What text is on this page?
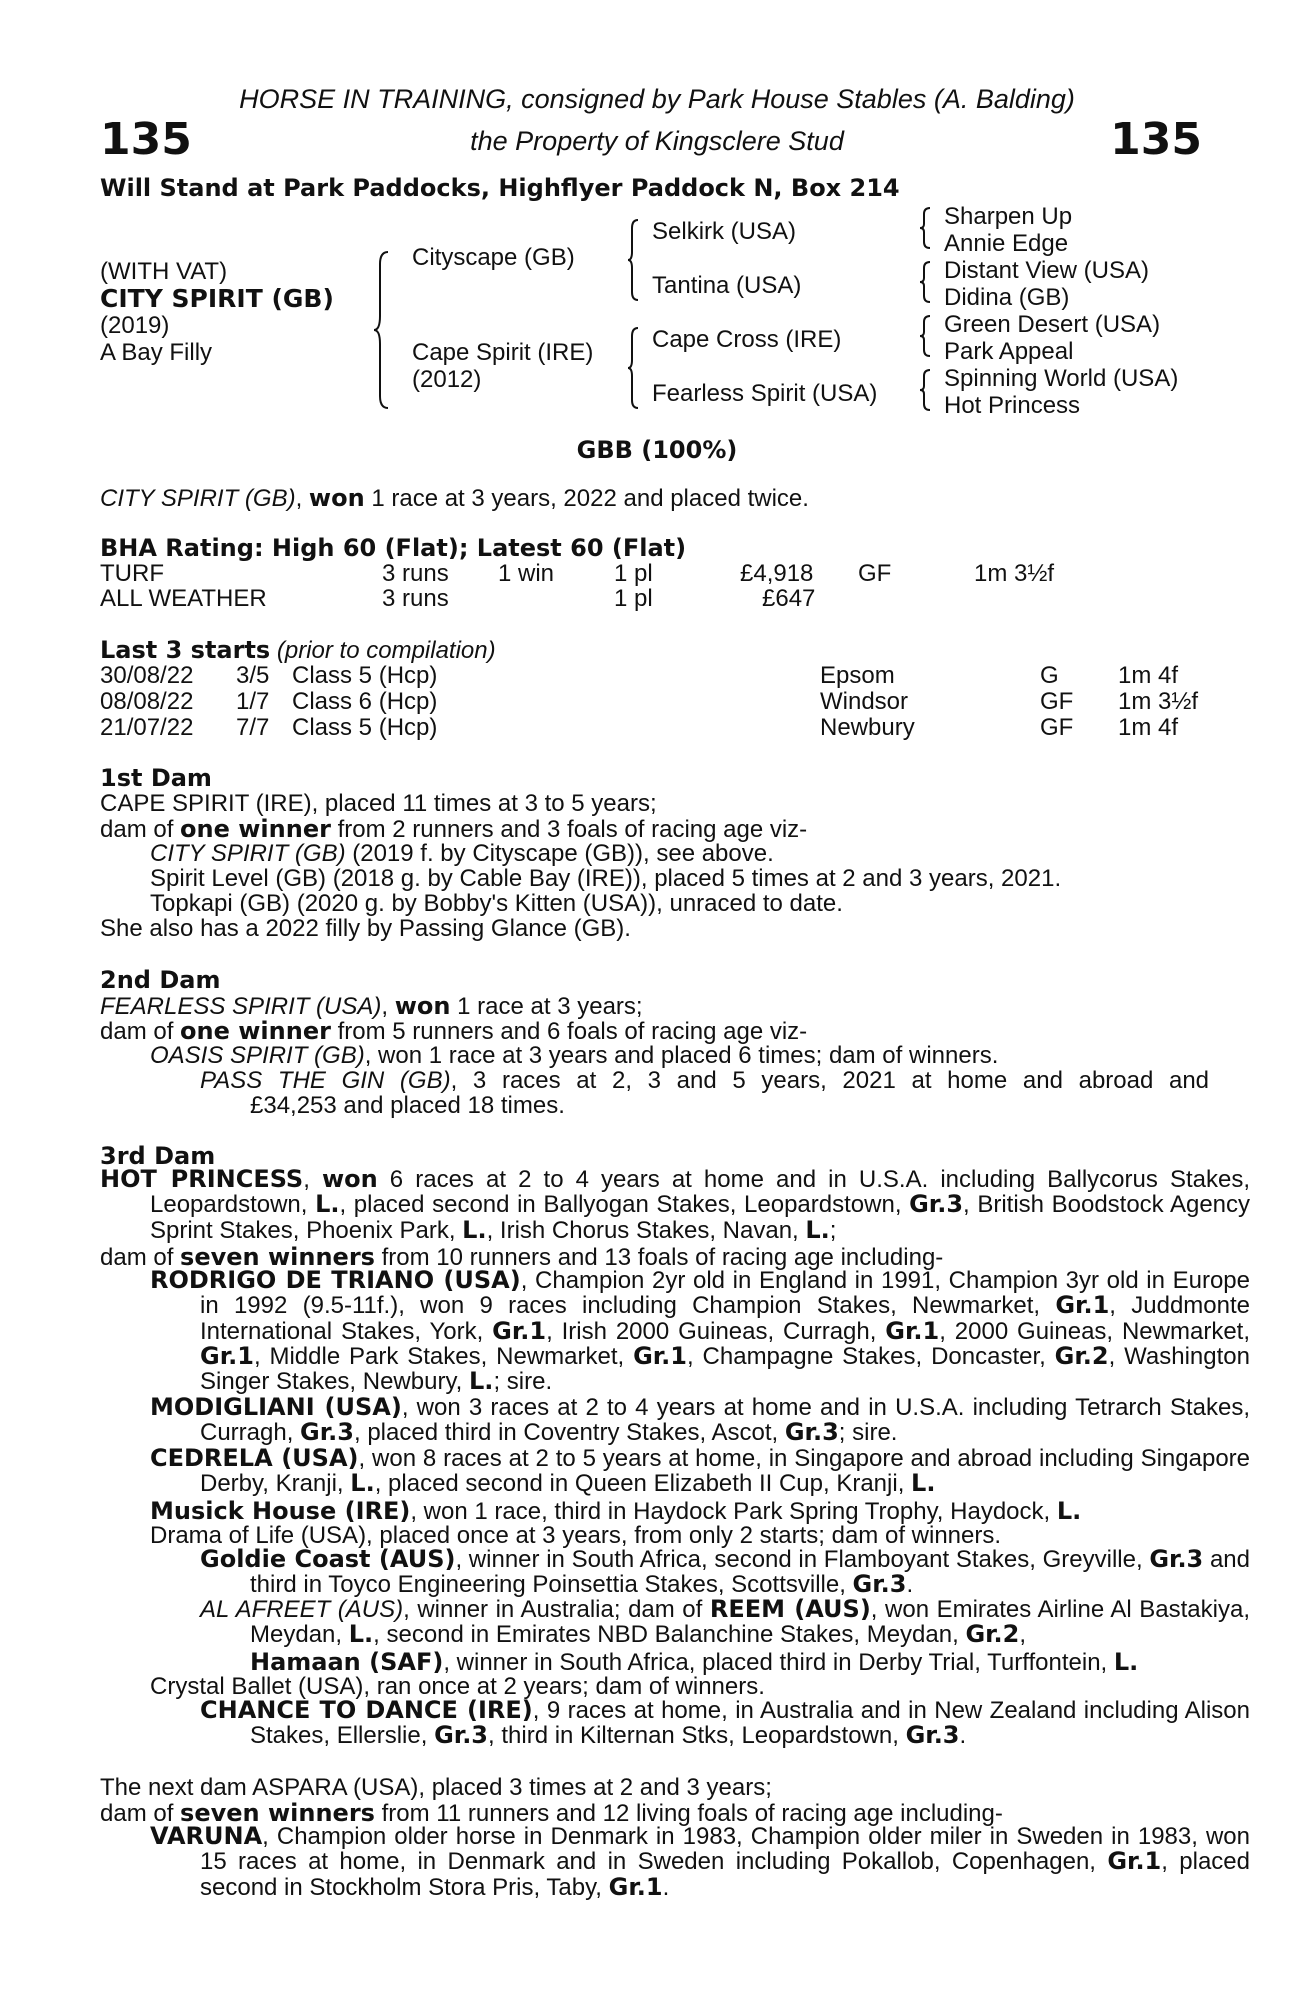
135	135
HORSE IN TRAINING, consigned by Park House Stables (A. Balding)
the Property of Kingsclere Stud
Will Stand at Park Paddocks, Highflyer Paddock N, Box 214
(WITH VAT)
CITY SPIRIT (GB)
(2019)
A Bay Filly
Cityscape (GB)
Cape Spirit (IRE)
(2012)
Selkirk (USA)
Tantina (USA)
Cape Cross (IRE)
Fearless Spirit (USA)
Sharpen Up
Annie Edge
Distant View (USA)
Didina (GB)
Green Desert (USA)
Park Appeal
Spinning World (USA)
Hot Princess
GBB (100%)
CITY SPIRIT (GB), won 1 race at 3 years, 2022 and placed twice.
BHA Rating: High 60 (Flat); Latest 60 (Flat)
TURF	3 runs 1 win 1 pl	£4,918 GF	1m 3½f
ALL WEATHER	3 runs	1 pl	£647
Last 3 starts (prior to compilation)
30/08/22 3/5 Class 5 (Hcp)	Epsom	G 1m 4f
08/08/22 1/7 Class 6 (Hcp)	Windsor	GF 1m 3½f
21/07/22 7/7 Class 5 (Hcp)	Newbury	GF 1m 4f
1st Dam
CAPE SPIRIT (IRE), placed 11 times at 3 to 5 years;
dam of one winner from 2 runners and 3 foals of racing age viz-
CITY SPIRIT (GB) (2019 f. by Cityscape (GB)), see above.
Spirit Level (GB) (2018 g. by Cable Bay (IRE)), placed 5 times at 2 and 3 years, 2021.
Topkapi (GB) (2020 g. by Bobby's Kitten (USA)), unraced to date.
She also has a 2022 filly by Passing Glance (GB).
2nd Dam
FEARLESS SPIRIT (USA), won 1 race at 3 years;
dam of one winner from 5 runners and 6 foals of racing age viz-
OASIS SPIRIT (GB), won 1 race at 3 years and placed 6 times; dam of winners.
PASS THE GIN (GB), 3 races at 2, 3 and 5 years, 2021 at home and abroad and
£34,253 and placed 18 times.
3rd Dam
HOT PRINCESS, won 6 races at 2 to 4 years at home and in U.S.A. including Ballycorus Stakes, Leopardstown, L., placed second in Ballyogan Stakes, Leopardstown, Gr.3, British Boodstock Agency Sprint Stakes, Phoenix Park, L., Irish Chorus Stakes, Navan, L.;
dam of seven winners from 10 runners and 13 foals of racing age including-
RODRIGO DE TRIANO (USA), Champion 2yr old in England in 1991, Champion 3yr old in Europe in 1992 (9.5-11f.), won 9 races including Champion Stakes, Newmarket, Gr.1, Juddmonte International Stakes, York, Gr.1, Irish 2000 Guineas, Curragh, Gr.1, 2000 Guineas, Newmarket, Gr.1, Middle Park Stakes, Newmarket, Gr.1, Champagne Stakes, Doncaster, Gr.2, Washington Singer Stakes, Newbury, L.; sire.
MODIGLIANI (USA), won 3 races at 2 to 4 years at home and in U.S.A. including Tetrarch Stakes, Curragh, Gr.3, placed third in Coventry Stakes, Ascot, Gr.3; sire.
CEDRELA (USA), won 8 races at 2 to 5 years at home, in Singapore and abroad including Singapore Derby, Kranji, L., placed second in Queen Elizabeth II Cup, Kranji, L.
Musick House (IRE), won 1 race, third in Haydock Park Spring Trophy, Haydock, L.
Drama of Life (USA), placed once at 3 years, from only 2 starts; dam of winners.
Goldie Coast (AUS), winner in South Africa, second in Flamboyant Stakes, Greyville, Gr.3 and third in Toyco Engineering Poinsettia Stakes, Scottsville, Gr.3.
AL AFREET (AUS), winner in Australia; dam of REEM (AUS), won Emirates Airline Al Bastakiya, Meydan, L., second in Emirates NBD Balanchine Stakes, Meydan, Gr.2,
Hamaan (SAF), winner in South Africa, placed third in Derby Trial, Turffontein, L.
Crystal Ballet (USA), ran once at 2 years; dam of winners.
CHANCE TO DANCE (IRE), 9 races at home, in Australia and in New Zealand including Alison Stakes, Ellerslie, Gr.3, third in Kilternan Stks, Leopardstown, Gr.3.
The next dam ASPARA (USA), placed 3 times at 2 and 3 years;
dam of seven winners from 11 runners and 12 living foals of racing age including-
VARUNA, Champion older horse in Denmark in 1983, Champion older miler in Sweden in 1983, won 15 races at home, in Denmark and in Sweden including Pokallob, Copenhagen, Gr.1, placed second in Stockholm Stora Pris, Taby, Gr.1.
